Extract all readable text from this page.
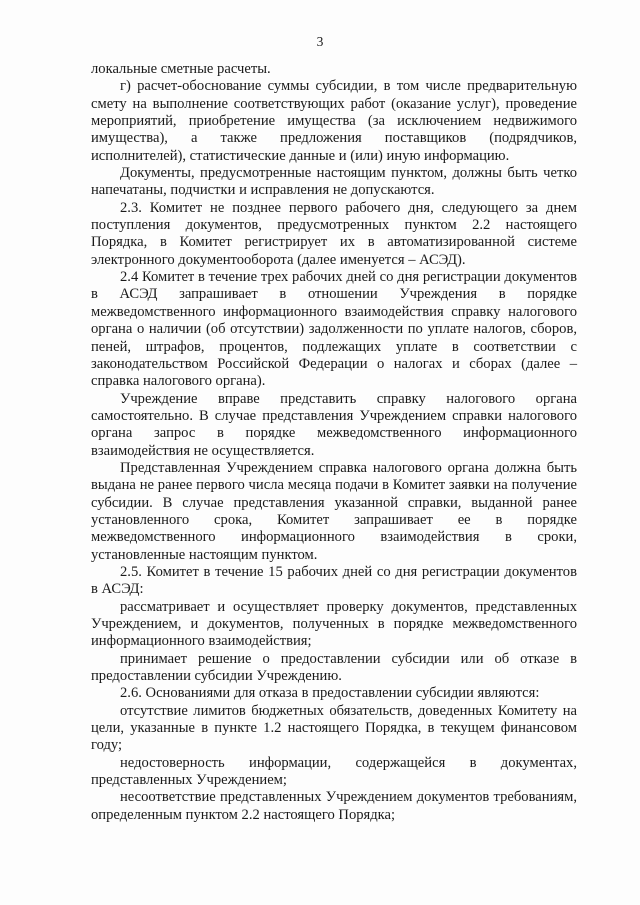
3

локальные сметные расчеты.

г) расчет-обоснование суммы субсидии, в том числе предварительную смету на выполнение соответствующих работ (оказание услуг), проведение мероприятий, приобретение имущества (за исключением недвижимого имущества), а также предложения поставщиков (подрядчиков, исполнителей), статистические данные и (или) иную информацию.

Документы, предусмотренные настоящим пунктом, должны быть четко напечатаны, подчистки и исправления не допускаются.

2.3. Комитет не позднее первого рабочего дня, следующего за днем поступления документов, предусмотренных пунктом 2.2 настоящего Порядка, в Комитет регистрирует их в автоматизированной системе электронного документооборота (далее именуется – АСЭД).

2.4 Комитет в течение трех рабочих дней со дня регистрации документов в АСЭД запрашивает в отношении Учреждения в порядке межведомственного информационного взаимодействия справку налогового органа о наличии (об отсутствии) задолженности по уплате налогов, сборов, пеней, штрафов, процентов, подлежащих уплате в соответствии с законодательством Российской Федерации о налогах и сборах (далее – справка налогового органа).

Учреждение вправе представить справку налогового органа самостоятельно. В случае представления Учреждением справки налогового органа запрос в порядке межведомственного информационного взаимодействия не осуществляется.

Представленная Учреждением справка налогового органа должна быть выдана не ранее первого числа месяца подачи в Комитет заявки на получение субсидии. В случае представления указанной справки, выданной ранее установленного срока, Комитет запрашивает ее в порядке межведомственного информационного взаимодействия в сроки, установленные настоящим пунктом.

2.5. Комитет в течение 15 рабочих дней со дня регистрации документов в АСЭД:

рассматривает и осуществляет проверку документов, представленных Учреждением, и документов, полученных в порядке межведомственного информационного взаимодействия;

принимает решение о предоставлении субсидии или об отказе в предоставлении субсидии Учреждению.

2.6. Основаниями для отказа в предоставлении субсидии являются:

отсутствие лимитов бюджетных обязательств, доведенных Комитету на цели, указанные в пункте 1.2 настоящего Порядка, в текущем финансовом году;

недостоверность информации, содержащейся в документах, представленных Учреждением;

несоответствие представленных Учреждением документов требованиям, определенным пунктом 2.2 настоящего Порядка;
